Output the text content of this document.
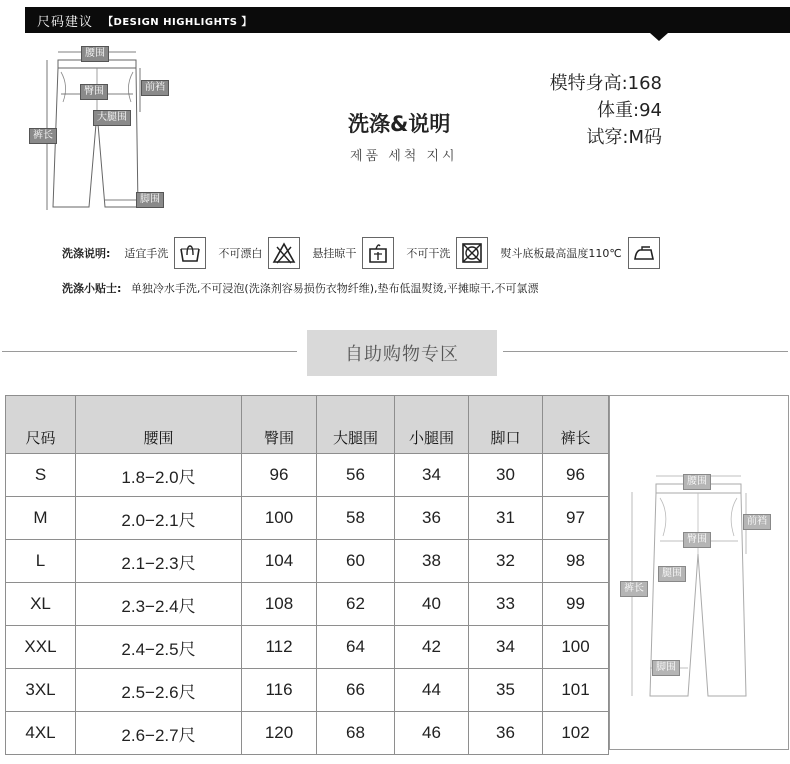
尺码建议 【DESIGN HIGHLIGHTS 】
腰围
前裆
臀围
大腿围
裤长
脚围
洗涤&说明
제품 세척 지시
模特身高:168
体重:94
试穿:M码
洗涤说明: 适宜手洗	不可漂白	悬挂晾干	不可干洗	熨斗底板最高温度110℃
洗涤小贴士: 单独冷水手洗,不可浸泡(洗涤剂容易损伤衣物纤维),垫布低温熨烫,平摊晾干,不可氯漂
自助购物专区
尺码	腰围	臀围	大腿围	小腿围	脚口	裤长
S	1.8−2.0尺	96	56	34	30	96
M	2.0−2.1尺	100	58	36	31	97
L	2.1−2.3尺	104	60	38	32	98
XL	2.3−2.4尺	108	62	40	33	99
XXL	2.4−2.5尺	112	64	42	34	100
3XL	2.5−2.6尺	116	66	44	35	101
4XL	2.6−2.7尺	120	68	46	36	102
腰围
前裆
臀围
腿围
裤长
脚围
